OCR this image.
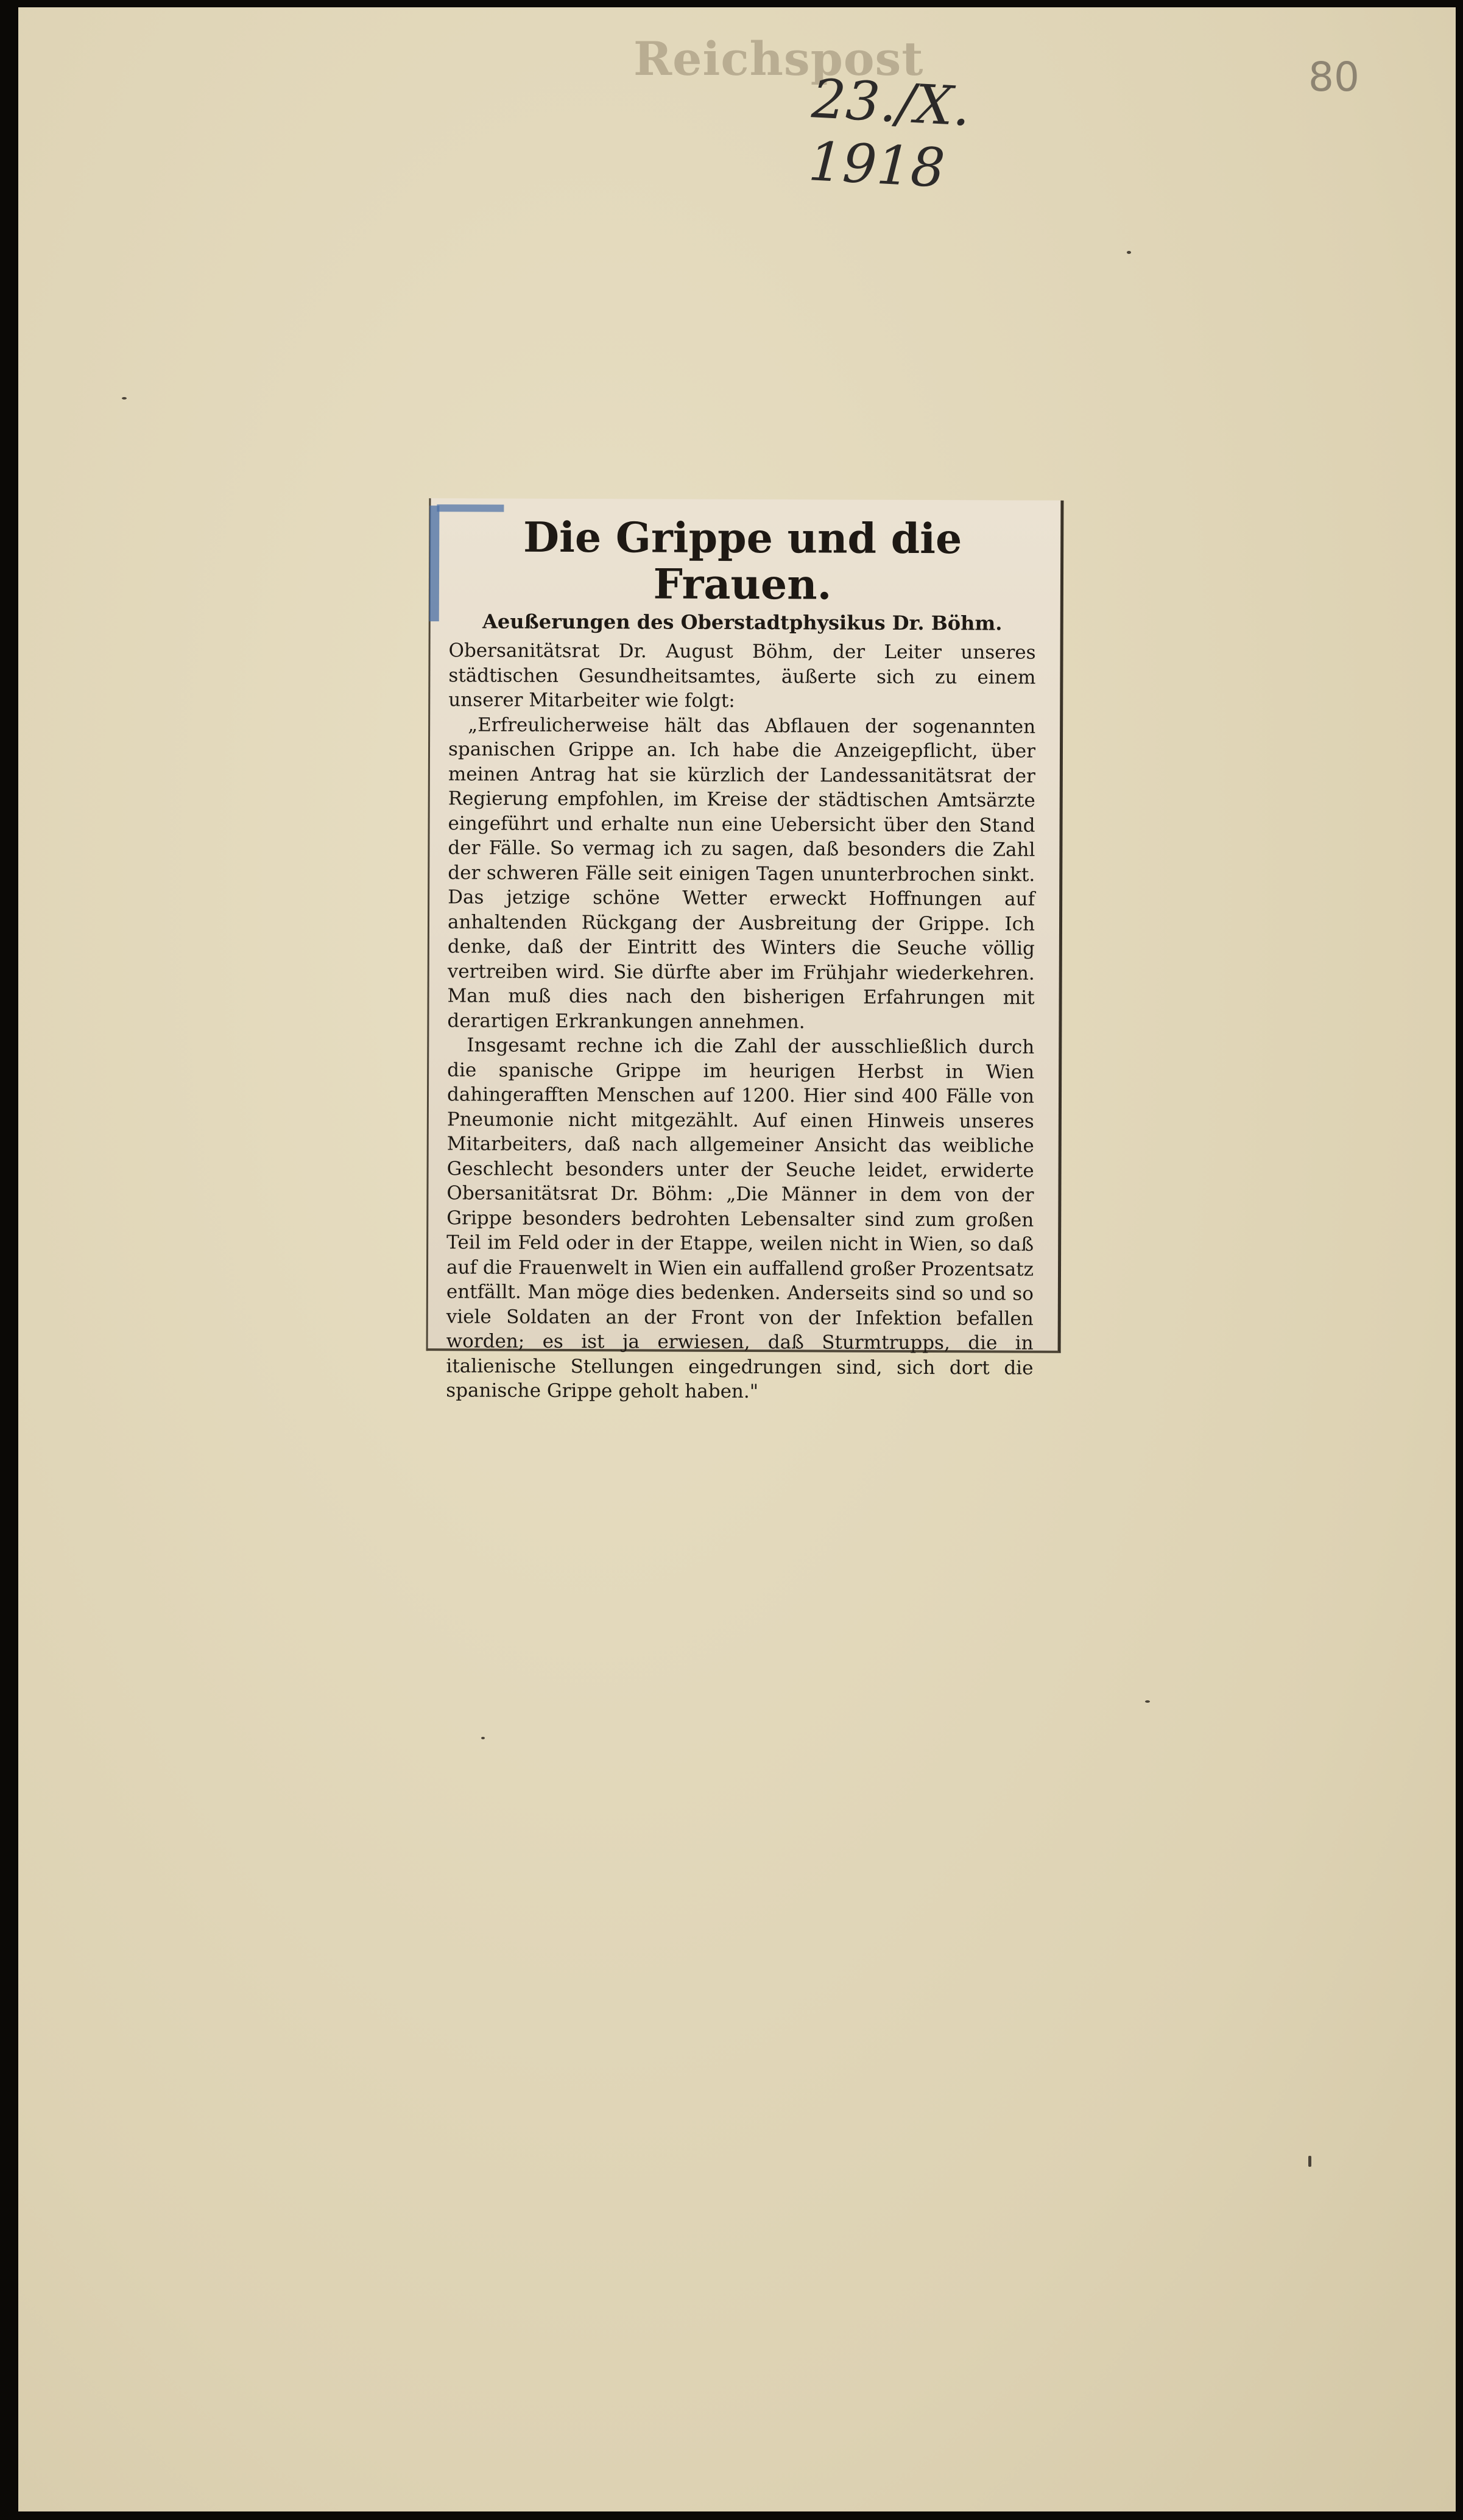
Reichspost
23./X. 1918
80
Die Grippe und die Frauen.
Aeußerungen des Oberstadtphysikus Dr. Böhm.

Obersanitätsrat Dr. August Böhm, der Leiter unseres städtischen Gesundheitsamtes, äußerte sich zu einem unserer Mitarbeiter wie folgt:

„Erfreulicherweise hält das Abflauen der sogenannten spanischen Grippe an. Ich habe die Anzeigepflicht, über meinen Antrag hat sie kürzlich der Landessanitätsrat der Regierung empfohlen, im Kreise der städtischen Amtsärzte eingeführt und erhalte nun eine Uebersicht über den Stand der Fälle. So vermag ich zu sagen, daß besonders die Zahl der schweren Fälle seit einigen Tagen ununterbrochen sinkt. Das jetzige schöne Wetter erweckt Hoffnungen auf anhaltenden Rückgang der Ausbreitung der Grippe. Ich denke, daß der Eintritt des Winters die Seuche völlig vertreiben wird. Sie dürfte aber im Frühjahr wiederkehren. Man muß dies nach den bisherigen Erfahrungen mit derartigen Erkrankungen annehmen.

Insgesamt rechne ich die Zahl der ausschließlich durch die spanische Grippe im heurigen Herbst in Wien dahingerafften Menschen auf 1200. Hier sind 400 Fälle von Pneumonie nicht mitgezählt. Auf einen Hinweis unseres Mitarbeiters, daß nach allgemeiner Ansicht das weibliche Geschlecht besonders unter der Seuche leidet, erwiderte Obersanitätsrat Dr. Böhm: „Die Männer in dem von der Grippe besonders bedrohten Lebensalter sind zum großen Teil im Feld oder in der Etappe, weilen nicht in Wien, so daß auf die Frauenwelt in Wien ein auffallend großer Prozentsatz entfällt. Man möge dies bedenken. Anderseits sind so und so viele Soldaten an der Front von der Infektion befallen worden; es ist ja erwiesen, daß Sturmtrupps, die in italienische Stellungen eingedrungen sind, sich dort die spanische Grippe geholt haben."
